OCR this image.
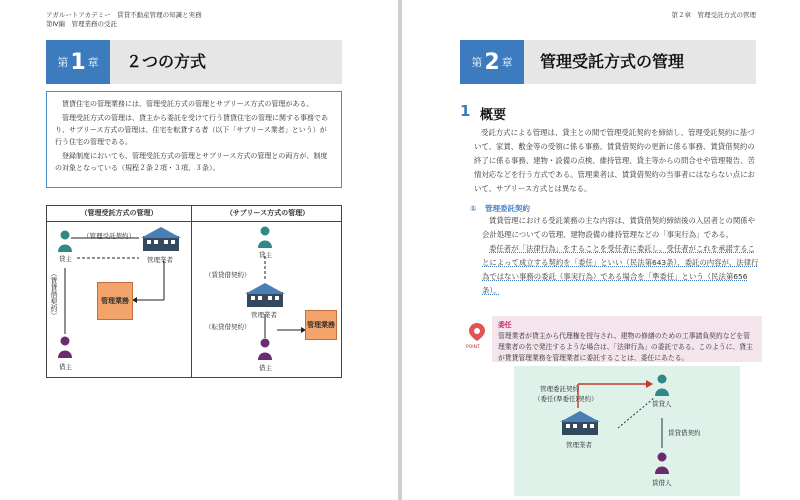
アガルートアカデミー　賃貸不動産管理の知識と実務
第Ⅳ編　管理業務の受託
第 1 章 ２つの方式

賃貸住宅の管理業務には、管理受託方式の管理とサブリース方式の管理がある。

管理受託方式の管理は、貸主から委託を受けて行う賃貸住宅の管理に関する事務であり、サブリース方式の管理は、住宅を転貸する者（以下「サブリース業者」という）が行う住宅の管理である。

登録制度においても、管理受託方式の管理とサブリース方式の管理との両方が、制度の対象となっている（規程２条２項・３項、３条）。

（管理受託方式の管理）	（サブリース方式の管理）
貸主
（管理受託契約）
管理業者
（賃貸借契約）	管理業務
借主
貸主
（賃貸借契約）
管理業者
（転貸借契約）	管理業務
借主
第２章　管理受託方式の管理
第 2 章 管理受託方式の管理
1 概要

受託方式による管理は、貸主との間で管理受託契約を締結し、管理受託契約に基づいて、家賃、敷金等の受領に係る事務、賃貸借契約の更新に係る事務、賃貸借契約の終了に係る事務、建物・設備の点検、維持管理、貸主等からの問合せや管理報告、苦情対応などを行う方式である。管理業者は、賃貸借契約の当事者にはならない点において、サブリース方式とは異なる。

① 管理委託契約

賃貸管理における受託業務の主な内容は、賃貸借契約締結後の入居者との関係や会計処理についての管理、建物設備の維持管理などの「事実行為」である。

委任者が「法律行為」をすることを受任者に委託し、受任者がこれを承諾することによって成立する契約を「委任」といい（民法第643条）、委託の内容が、法律行為ではない事務の委託（事実行為）である場合を「準委任」という（民法第656条）。

POINT
委任
管理業者が貸主から代理権を授与され、建物の修繕のための工事請負契約などを管理業者の名で発注するような場合は、「法律行為」の委託である。このように、貸主が賃貸管理業務を管理業者に委託することは、委任にあたる。
管理委託契約
（委任(準委任)契約）
管理業者
賃貸人
賃貸借契約
賃借人
